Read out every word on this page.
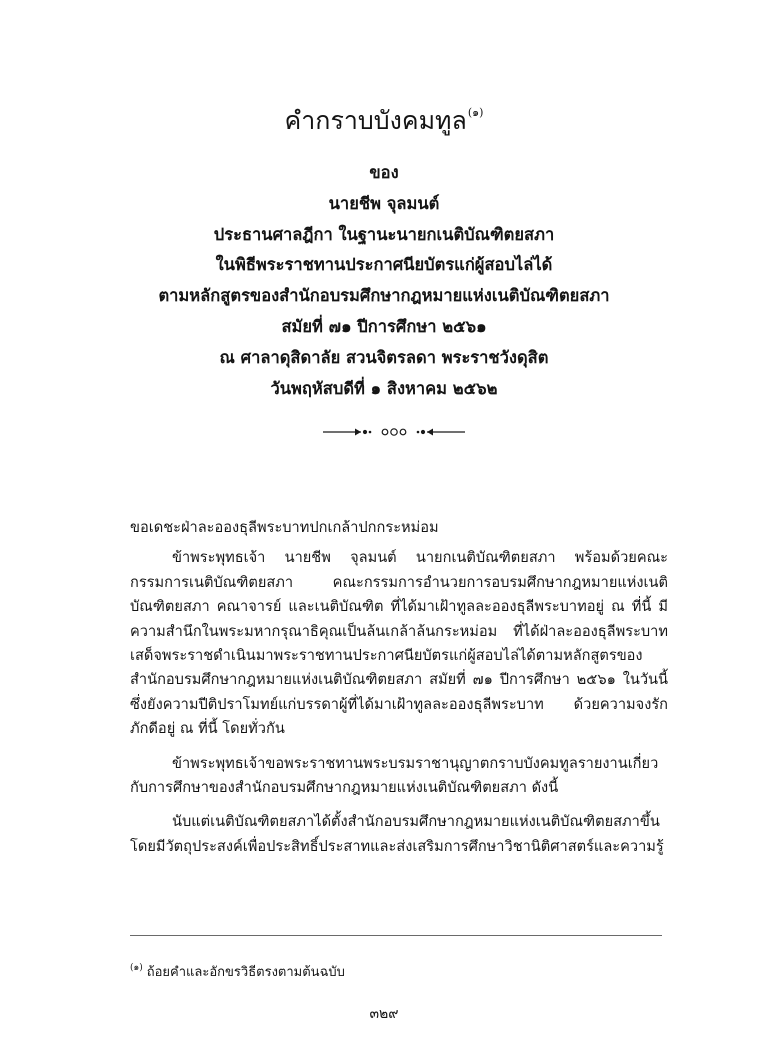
คำกราบบังคมทูล$^{(๑)}$
ของ
นายชีพ จุลมนต์
ประธานศาลฎีกา ในฐานะนายกเนติบัณฑิตยสภา
ในพิธีพระราชทานประกาศนียบัตรแก่ผู้สอบไล่ได้
ตามหลักสูตรของสำนักอบรมศึกษากฎหมายแห่งเนติบัณฑิตยสภา
สมัยที่ ๗๑ ปีการศึกษา ๒๕๖๑
ณ ศาลาดุสิดาลัย สวนจิตรลดา พระราชวังดุสิต
วันพฤหัสบดีที่ ๑ สิงหาคม ๒๕๖๒

ขอเดชะฝ่าละอองธุลีพระบาทปกเกล้าปกกระหม่อม

ข้าพระพุทธเจ้า นายชีพ จุลมนต์ นายกเนติบัณฑิตยสภา พร้อมด้วยคณะกรรมการเนติบัณฑิตยสภา คณะกรรมการอำนวยการอบรมศึกษากฎหมายแห่งเนติบัณฑิตยสภา คณาจารย์ และเนติบัณฑิต ที่ได้มาเฝ้าทูลละอองธุลีพระบาทอยู่ ณ ที่นี้ มีความสำนึกในพระมหากรุณาธิคุณเป็นล้นเกล้าล้นกระหม่อม ที่ได้ฝ่าละอองธุลีพระบาทเสด็จพระราชดำเนินมาพระราชทานประกาศนียบัตรแก่ผู้สอบไล่ได้ตามหลักสูตรของสำนักอบรมศึกษากฎหมายแห่งเนติบัณฑิตยสภา สมัยที่ ๗๑ ปีการศึกษา ๒๕๖๑ ในวันนี้ ซึ่งยังความปีติปราโมทย์แก่บรรดาผู้ที่ได้มาเฝ้าทูลละอองธุลีพระบาท ด้วยความจงรักภักดีอยู่ ณ ที่นี้ โดยทั่วกัน

ข้าพระพุทธเจ้าขอพระราชทานพระบรมราชานุญาตกราบบังคมทูลรายงานเกี่ยวกับการศึกษาของสำนักอบรมศึกษากฎหมายแห่งเนติบัณฑิตยสภา ดังนี้

นับแต่เนติบัณฑิตยสภาได้ตั้งสำนักอบรมศึกษากฎหมายแห่งเนติบัณฑิตยสภาขึ้นโดยมีวัตถุประสงค์เพื่อประสิทธิ์ประสาทและส่งเสริมการศึกษาวิชานิติศาสตร์และความรู้

$^{(๑)}$ ถ้อยคำและอักขรวิธีตรงตามต้นฉบับ
๓๒๙
